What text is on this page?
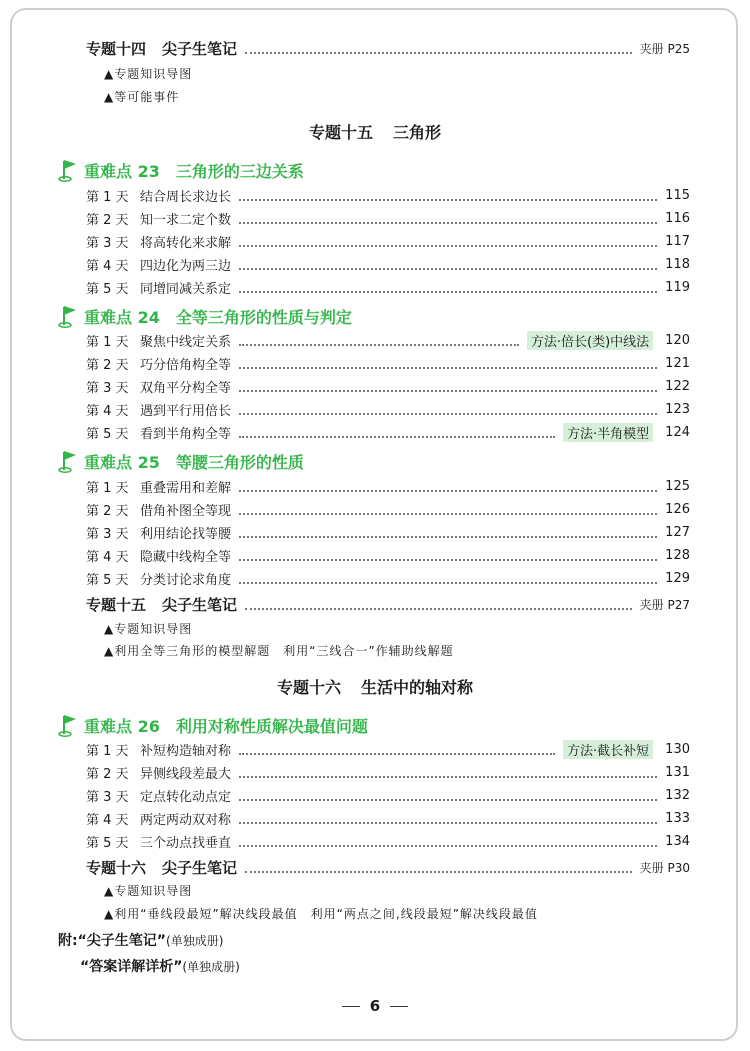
专题十四 尖子生笔记	夹册 P25
▲专题知识导图
▲等可能事件
专题十五 三角形
重难点 23 三角形的三边关系
第 1 天 结合周长求边长	115
第 2 天 知一求二定个数	116
第 3 天 将高转化来求解	117
第 4 天 四边化为两三边	118
第 5 天 同增同减关系定	119
重难点 24 全等三角形的性质与判定
第 1 天 聚焦中线定关系	方法·倍长(类)中线法	120
第 2 天 巧分倍角构全等	121
第 3 天 双角平分构全等	122
第 4 天 遇到平行用倍长	123
第 5 天 看到半角构全等	方法·半角模型	124
重难点 25 等腰三角形的性质
第 1 天 重叠需用和差解	125
第 2 天 借角补图全等现	126
第 3 天 利用结论找等腰	127
第 4 天 隐藏中线构全等	128
第 5 天 分类讨论求角度	129
专题十五 尖子生笔记	夹册 P27
▲专题知识导图
▲利用全等三角形的模型解题　利用“三线合一”作辅助线解题
专题十六 生活中的轴对称
重难点 26 利用对称性质解决最值问题
第 1 天 补短构造轴对称	方法·截长补短	130
第 2 天 异侧线段差最大	131
第 3 天 定点转化动点定	132
第 4 天 两定两动双对称	133
第 5 天 三个动点找垂直	134
专题十六 尖子生笔记	夹册 P30
▲专题知识导图
▲利用“垂线段最短”解决线段最值　利用“两点之间,线段最短”解决线段最值
附: “尖子生笔记” (单独成册)
“答案详解详析” (单独成册)
6
